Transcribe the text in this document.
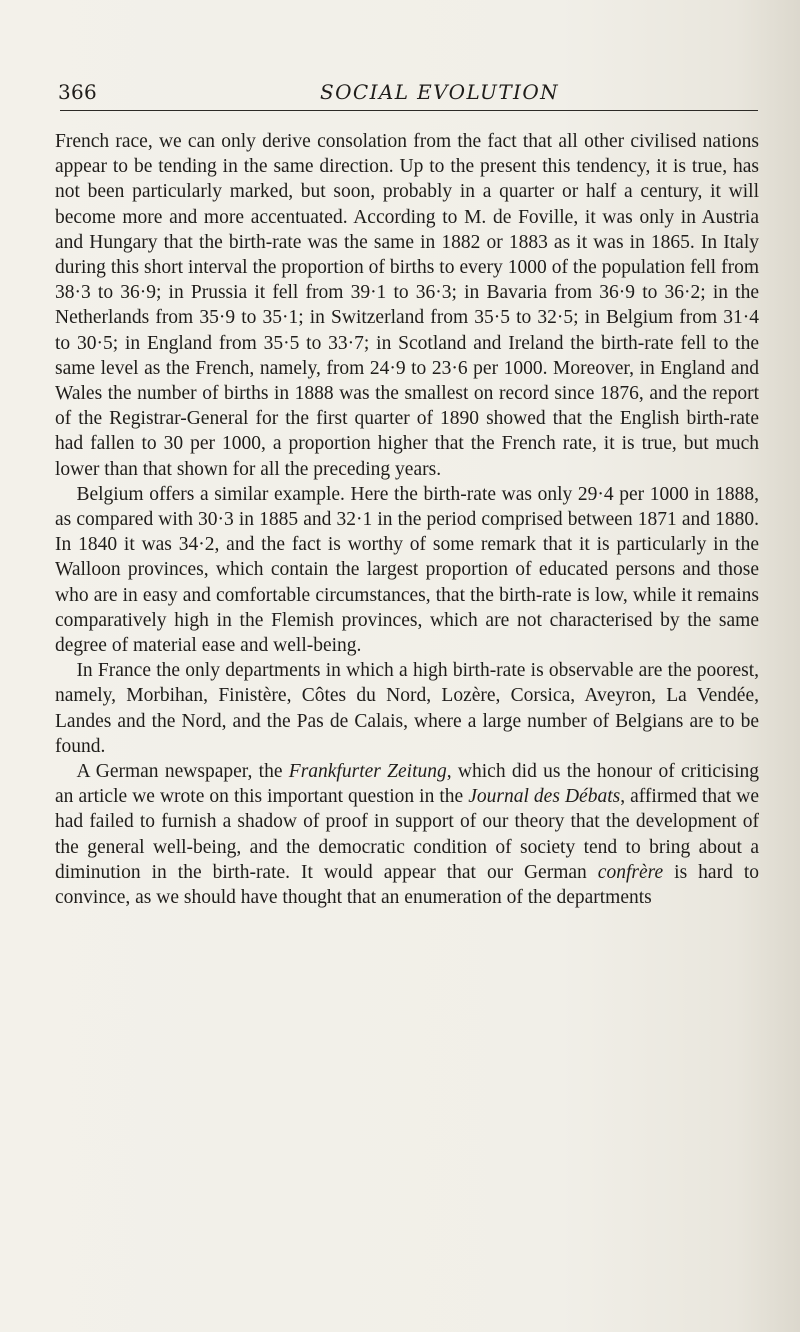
366	SOCIAL EVOLUTION

French race, we can only derive consolation from the fact that all other civilised nations appear to be tending in the same direction. Up to the present this tendency, it is true, has not been particularly marked, but soon, probably in a quarter or half a century, it will become more and more accentuated. According to M. de Foville, it was only in Austria and Hungary that the birth-rate was the same in 1882 or 1883 as it was in 1865. In Italy during this short interval the proportion of births to every 1000 of the population fell from 38·3 to 36·9; in Prussia it fell from 39·1 to 36·3; in Bavaria from 36·9 to 36·2; in the Netherlands from 35·9 to 35·1; in Switzerland from 35·5 to 32·5; in Belgium from 31·4 to 30·5; in England from 35·5 to 33·7; in Scotland and Ireland the birth-rate fell to the same level as the French, namely, from 24·9 to 23·6 per 1000. Moreover, in England and Wales the number of births in 1888 was the smallest on record since 1876, and the report of the Registrar-General for the first quarter of 1890 showed that the English birth-rate had fallen to 30 per 1000, a proportion higher that the French rate, it is true, but much lower than that shown for all the preceding years.

Belgium offers a similar example. Here the birth-rate was only 29·4 per 1000 in 1888, as compared with 30·3 in 1885 and 32·1 in the period comprised between 1871 and 1880. In 1840 it was 34·2, and the fact is worthy of some remark that it is particularly in the Walloon provinces, which contain the largest proportion of educated persons and those who are in easy and comfortable circumstances, that the birth-rate is low, while it remains comparatively high in the Flemish provinces, which are not characterised by the same degree of material ease and well-being.

In France the only departments in which a high birth-rate is observable are the poorest, namely, Morbihan, Finistère, Côtes du Nord, Lozère, Corsica, Aveyron, La Vendée, Landes and the Nord, and the Pas de Calais, where a large number of Belgians are to be found.

A German newspaper, the Frankfurter Zeitung, which did us the honour of criticising an article we wrote on this important question in the Journal des Débats, affirmed that we had failed to furnish a shadow of proof in support of our theory that the development of the general well-being, and the democratic condition of society tend to bring about a diminution in the birth-rate. It would appear that our German confrère is hard to convince, as we should have thought that an enumeration of the departments
